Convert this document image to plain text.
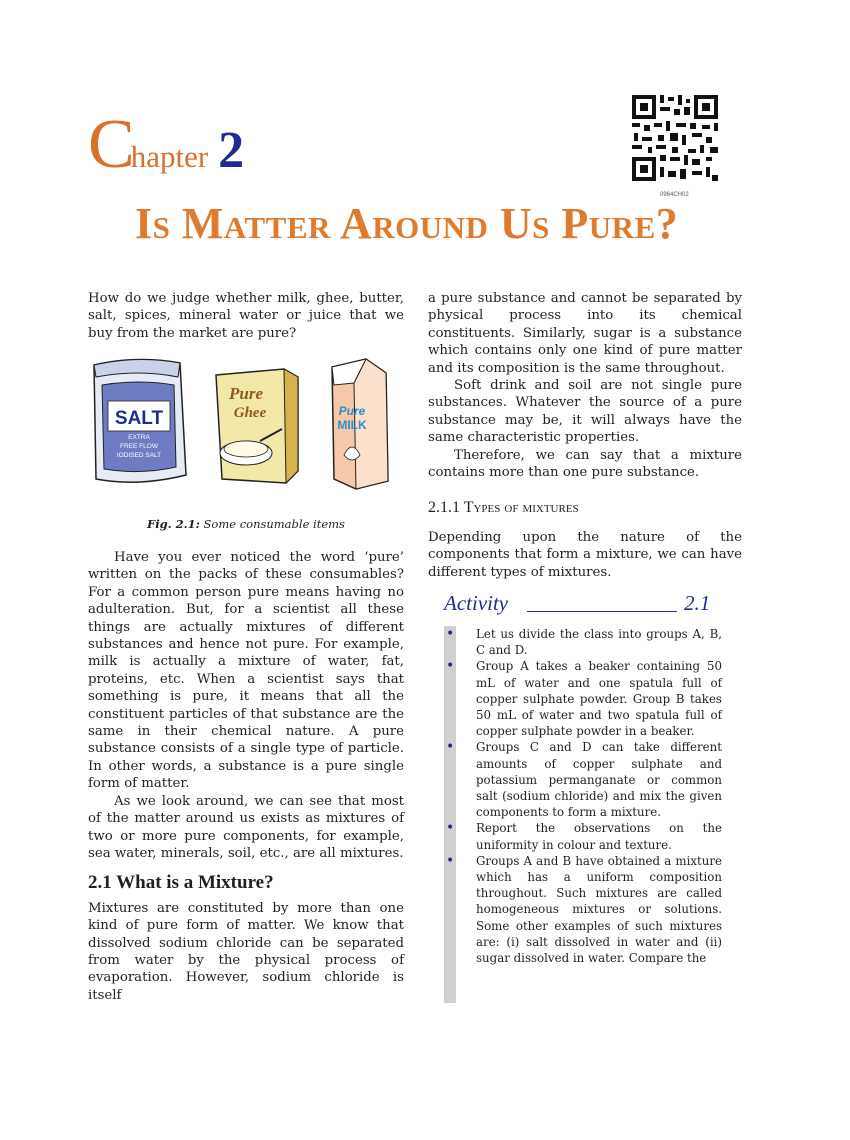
Chapter 2
0964CH02
Is Matter Around Us Pure?

How do we judge whether milk, ghee, butter, salt, spices, mineral water or juice that we buy from the market are pure?

SALT
EXTRA
FREE FLOW
IODISED SALT
Pure
Ghee	Pure
MILK
Fig. 2.1: Some consumable items

Have you ever noticed the word ‘pure’ written on the packs of these consumables? For a common person pure means having no adulteration. But, for a scientist all these things are actually mixtures of different substances and hence not pure. For example, milk is actually a mixture of water, fat, proteins, etc. When a scientist says that something is pure, it means that all the constituent particles of that substance are the same in their chemical nature. A pure substance consists of a single type of particle. In other words, a substance is a pure single form of matter.

As we look around, we can see that most of the matter around us exists as mixtures of two or more pure components, for example, sea water, minerals, soil, etc., are all mixtures.

2.1 What is a Mixture?

Mixtures are constituted by more than one kind of pure form of matter. We know that dissolved sodium chloride can be separated from water by the physical process of evaporation. However, sodium chloride is itself

a pure substance and cannot be separated by physical process into its chemical constituents. Similarly, sugar is a substance which contains only one kind of pure matter and its composition is the same throughout.

Soft drink and soil are not single pure substances. Whatever the source of a pure substance may be, it will always have the same characteristic properties.

Therefore, we can say that a mixture contains more than one pure substance.

2.1.1 Types of mixtures
Depending upon the nature of the components that form a mixture, we can have different types of mixtures.
Activity	2.1

• Let us divide the class into groups A, B, C and D.

• Group A takes a beaker containing 50 mL of water and one spatula full of copper sulphate powder. Group B takes 50 mL of water and two spatula full of copper sulphate powder in a beaker.

• Groups C and D can take different amounts of copper sulphate and potassium permanganate or common salt (sodium chloride) and mix the given components to form a mixture.

• Report the observations on the uniformity in colour and texture.

• Groups A and B have obtained a mixture which has a uniform composition throughout. Such mixtures are called homogeneous mixtures or solutions. Some other examples of such mixtures are: (i) salt dissolved in water and (ii) sugar dissolved in water. Compare the
